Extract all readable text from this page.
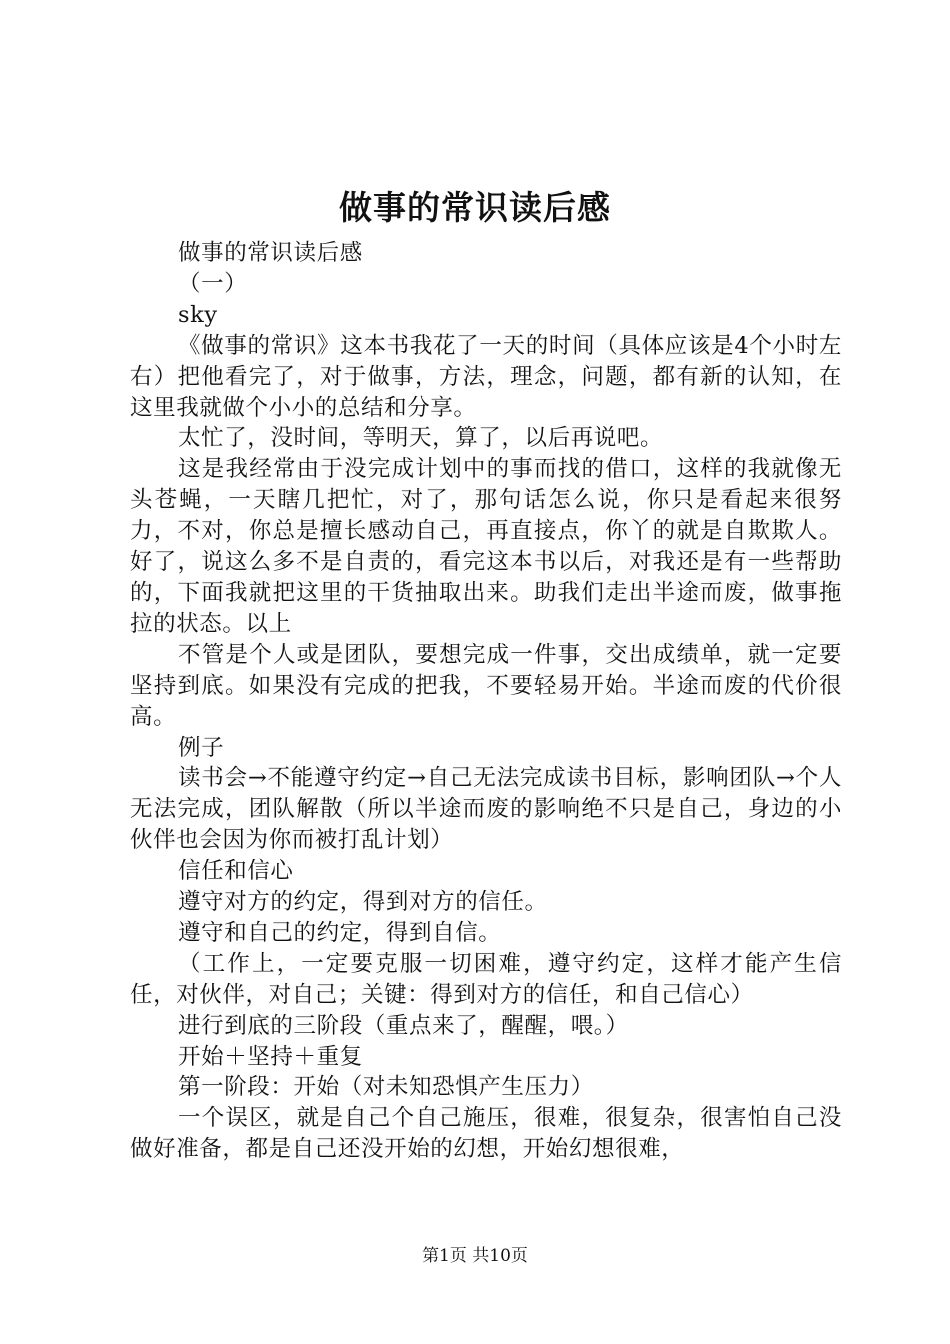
做事的常识读后感

做事的常识读后感

（一）

sky

《做事的常识》这本书我花了一天的时间（具体应该是4个小时左右）把他看完了，对于做事，方法，理念，问题，都有新的认知，在这里我就做个小小的总结和分享。

太忙了，没时间，等明天，算了，以后再说吧。

这是我经常由于没完成计划中的事而找的借口，这样的我就像无头苍蝇，一天瞎几把忙，对了，那句话怎么说，你只是看起来很努力，不对，你总是擅长感动自己，再直接点，你丫的就是自欺欺人。好了，说这么多不是自责的，看完这本书以后，对我还是有一些帮助的，下面我就把这里的干货抽取出来。助我们走出半途而废，做事拖拉的状态。以上

不管是个人或是团队，要想完成一件事，交出成绩单，就一定要坚持到底。如果没有完成的把我，不要轻易开始。半途而废的代价很高。

例子

读书会→不能遵守约定→自己无法完成读书目标，影响团队→个人无法完成，团队解散（所以半途而废的影响绝不只是自己，身边的小伙伴也会因为你而被打乱计划）

信任和信心

遵守对方的约定，得到对方的信任。

遵守和自己的约定，得到自信。

（工作上，一定要克服一切困难，遵守约定，这样才能产生信任，对伙伴，对自己；关键：得到对方的信任，和自己信心）

进行到底的三阶段（重点来了，醒醒，喂。）

开始＋坚持＋重复

第一阶段：开始（对未知恐惧产生压力）

一个误区，就是自己个自己施压，很难，很复杂，很害怕自己没做好准备，都是自己还没开始的幻想，开始幻想很难，

第1页 共10页
